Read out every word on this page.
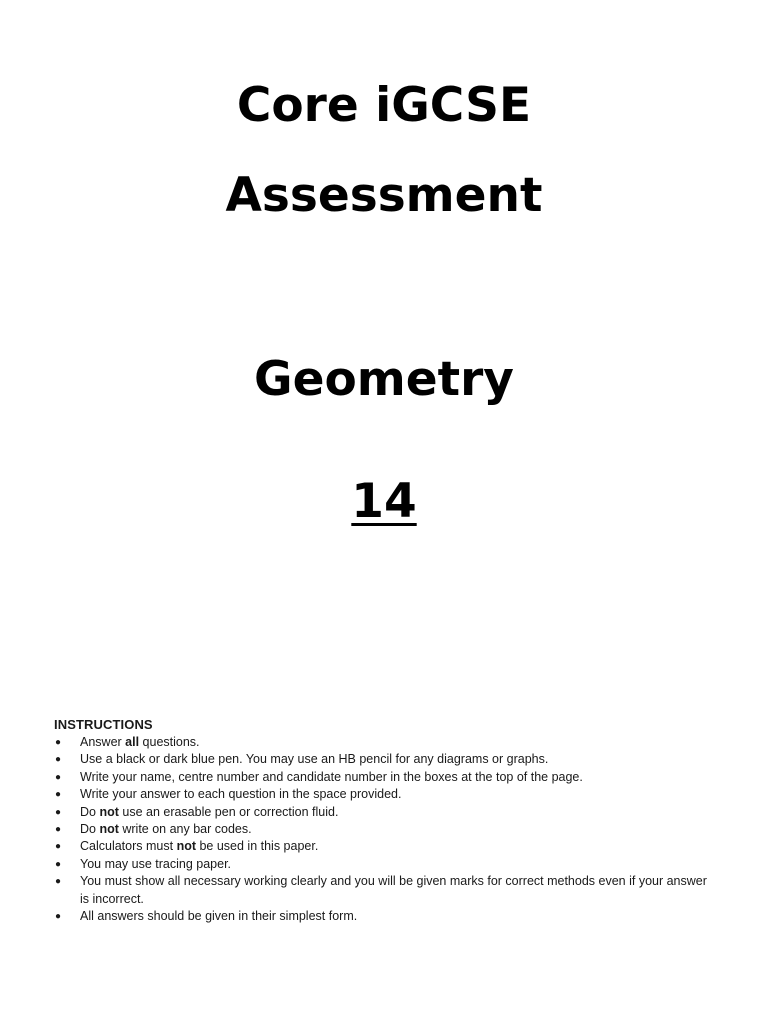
Core iGCSE
Assessment
Geometry
14
INSTRUCTIONS
● Answer all questions.
● Use a black or dark blue pen. You may use an HB pencil for any diagrams or graphs.
● Write your name, centre number and candidate number in the boxes at the top of the page.
● Write your answer to each question in the space provided.
● Do not use an erasable pen or correction fluid.
● Do not write on any bar codes.
● Calculators must not be used in this paper.
● You may use tracing paper.
● You must show all necessary working clearly and you will be given marks for correct methods even if your answer is incorrect.
● All answers should be given in their simplest form.
